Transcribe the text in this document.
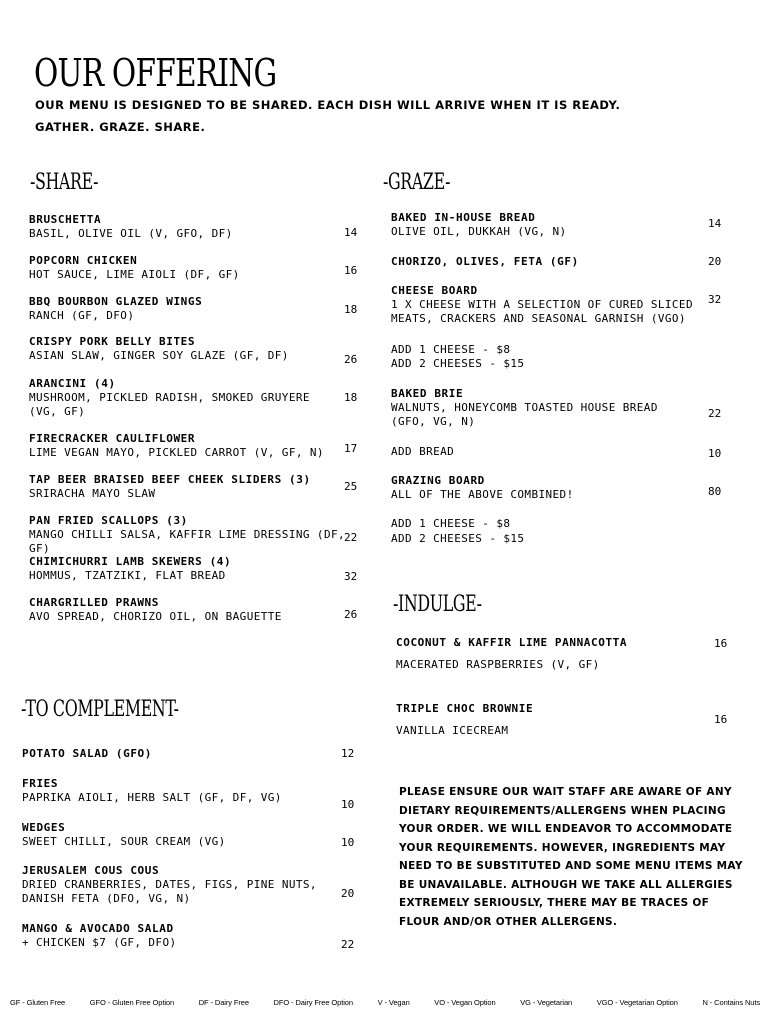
OUR OFFERING
OUR MENU IS DESIGNED TO BE SHARED. EACH DISH WILL ARRIVE WHEN IT IS READY.
GATHER. GRAZE. SHARE.
-SHARE-
BRUSCHETTA
BASIL, OLIVE OIL (V, GFO, DF)	14
POPCORN CHICKEN
HOT SAUCE, LIME AIOLI (DF, GF)	16
BBQ BOURBON GLAZED WINGS
RANCH (GF, DFO)	18
CRISPY PORK BELLY BITES
ASIAN SLAW, GINGER SOY GLAZE (GF, DF)	26
ARANCINI (4)
MUSHROOM, PICKLED RADISH, SMOKED GRUYERE (VG, GF)
18
FIRECRACKER CAULIFLOWER
LIME VEGAN MAYO, PICKLED CARROT (V, GF, N)	17
TAP BEER BRAISED BEEF CHEEK SLIDERS (3)
SRIRACHA MAYO SLAW
25
PAN FRIED SCALLOPS (3)
MANGO CHILLI SALSA, KAFFIR LIME DRESSING (DF, GF)
22
CHIMICHURRI LAMB SKEWERS (4)
HOMMUS, TZATZIKI, FLAT BREAD	32
CHARGRILLED PRAWNS
AVO SPREAD, CHORIZO OIL, ON BAGUETTE	26
-TO COMPLEMENT-
POTATO SALAD (GFO)	12
FRIES
PAPRIKA AIOLI, HERB SALT (GF, DF, VG)
10
WEDGES
SWEET CHILLI, SOUR CREAM (VG)	10
JERUSALEM COUS COUS
DRIED CRANBERRIES, DATES, FIGS, PINE NUTS, DANISH FETA (DFO, VG, N)	20
MANGO & AVOCADO SALAD
+ CHICKEN $7 (GF, DFO)	22
-GRAZE-
BAKED IN-HOUSE BREAD
OLIVE OIL, DUKKAH (VG, N)
14
CHORIZO, OLIVES, FETA (GF)	20
CHEESE BOARD
1 X CHEESE WITH A SELECTION OF CURED SLICED MEATS, CRACKERS AND SEASONAL GARNISH (VGO)
32
ADD 1 CHEESE - $8
ADD 2 CHEESES - $15
BAKED BRIE
WALNUTS, HONEYCOMB TOASTED HOUSE BREAD (GFO, VG, N)
22
ADD BREAD	10
GRAZING BOARD
ALL OF THE ABOVE COMBINED!	80
ADD 1 CHEESE - $8
ADD 2 CHEESES - $15
-INDULGE-
COCONUT & KAFFIR LIME PANNACOTTA
MACERATED RASPBERRIES (V, GF)
16
TRIPLE CHOC BROWNIE
VANILLA ICECREAM
16
PLEASE ENSURE OUR WAIT STAFF ARE AWARE OF ANY DIETARY REQUIREMENTS/ALLERGENS WHEN PLACING YOUR ORDER. WE WILL ENDEAVOR TO ACCOMMODATE YOUR REQUIREMENTS. HOWEVER, INGREDIENTS MAY NEED TO BE SUBSTITUTED AND SOME MENU ITEMS MAY BE UNAVAILABLE. ALTHOUGH WE TAKE ALL ALLERGIES EXTREMELY SERIOUSLY, THERE MAY BE TRACES OF FLOUR AND/OR OTHER ALLERGENS.
GF - Gluten Free	GFO - Gluten Free Option	DF - Dairy Free	DFO - Dairy Free Option	V - Vegan	VO - Vegan Option	VG - Vegetarian	VGO - Vegetarian Option	N - Contains Nuts
